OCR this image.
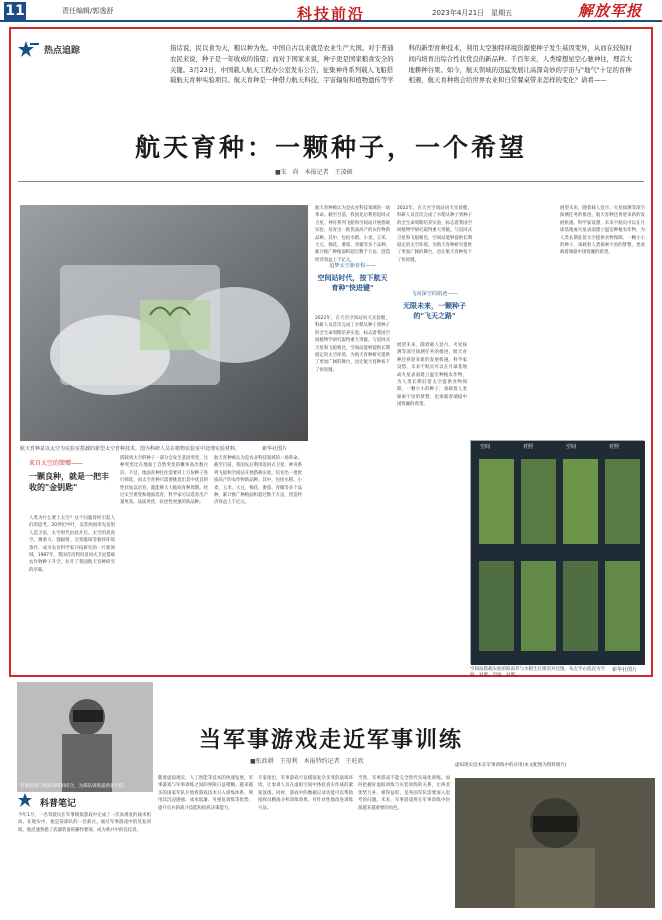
11	责任编辑/郭逸舒	科技前沿	2023年4月21日　星期五	解放军报
热点追踪	指话说，民以食为天，粮以种为先。中国自古以来就是农业生产大国。对于普通农民来说，种子是一年收成的指望；而对于国家来说，种子更是国家粮食安全的关键。3月23日，中国载人航天工程办公室发布公告，征集神舟系列载人飞船搭载航天育种实验项目。航天育种是一种借力航天科技，宇宙辐射和植物遗传等学科的新型育种技术，利用太空独特环境资源使种子发生基因变异，从而在较短时间内培育出综合性状优良的新品种。千百年来，人类缔想星空心驰神往，埋首大地耕种谷果。如今，航天领域的迅猛发展让高深奇妙的宇宙与"地气"十足的育种相遇，航天育种将会给世界农业和日常餐桌带来怎样的变化？请看——
航天育种：一颗种子，一个希望
■宋　尚　本报记者　王凌硕
航天育种是以太空为实验室搭载的新型太空育种技术。图为科研人员在植物实验室中处理实验材料。	新华社图片
来自太空的馈赠——
一颗良种，就是一把丰收的"金钥匙"
人类为什么要上太空？这个问题曾经引起人们的思考。20世纪中叶，美苏两国率先发射人造卫星，太空时代由此开启。太空的高真空、微重力、强辐射、交变磁场等独特环境条件，成为农业科学家开拓研究的一片新领域。1987年，我国首次利用返回式卫星搭载农作物种子升空，拉开了我国航天育种研究的序幕。
搭载到太空的种子一部分会发生基因突变，这种突变比在地面上自然突变的概率高出数百倍。不过，地面育种往往需要对上万份种子进行筛选，而太空育种只需要挑选出其中优良的性状加以培育，就能够大大缩短育种周期。经过太空诱变和地面选育，科学家可以选育出产量更高、品质更优、抗逆性更强的新品种。
航天育种被认为是农业科技领域的一场革命。截至目前，我国先后利用返回式卫星、神舟系列飞船和空间站开展搭载实验，培育出一批优质高产的农作物新品种。其中，包括水稻、小麦、玉米、大豆、棉花、番茄、青椒等多个品种，累计推广种植面积超过数千万亩，创造经济效益上千亿元。
航天育种被认为是农业科技领域的一场革命。截至目前，我国先后利用返回式卫星、神舟系列飞船和空间站开展搭载实验，培育出一批优质高产的农作物新品种。其中，包括水稻、小麦、玉米、大豆、棉花、番茄、青椒等多个品种，累计推广种植面积超过数千万亩，创造经济效益上千亿元。
追梦太空新征程——
空间站时代，按下航天育种"快进键"
2022年，在天宫空间站问天实验舱，科研人员首次完成了水稻从种子到种子的全生命周期培养实验，标志着我国空间植物学研究取得重大突破。与返回式卫星和飞船相比，空间站能够提供长期稳定的太空环境，为航天育种研究提供了更加广阔的舞台，也让航天育种按下了快进键。
2022年，在天宫空间站问天实验舱，科研人员首次完成了水稻从种子到种子的全生命周期培养实验，标志着我国空间植物学研究取得重大突破。与返回式卫星和飞船相比，空间站能够提供长期稳定的太空环境，为航天育种研究提供了更加广阔的舞台，也让航天育种按下了快进键。
飞向深空的航迹——
无限未来，一颗种子的"飞天之路"
展望未来，随着载人登月、火星探测等深空探测任务的推进，航天育种还将迎来新的发展机遇。科学家设想，未来宇航员可以在月球基地或火星表面建立温室种植农作物，为人类长期驻留太空提供食物保障。一颗小小的种子，承载着人类探索宇宙的梦想，也承载着端稳中国饭碗的希望。
展望未来，随着载人登月、火星探测等深空探测任务的推进，航天育种还将迎来新的发展机遇。科学家设想，未来宇航员可以在月球基地或火星表面建立温室种植农作物，为人类长期驻留太空提供食物保障。一颗小小的种子，承载着人类探索宇宙的梦想，也承载着端稳中国饭碗的希望。
空间	对照	空间	对照
空间站搭载实验的拟南芥与水稻生长情况对比图。从左至右依次为空间、对照、空间、对照。
新华社图片
军事游戏与模拟训练相结合，为部队训练提供新手段。
当军事游戏走近军事训练
■张政耕　王母利　本报特约记者　王旺欣
科普笔记
今年1月，一名驾驶员在军事模拟游戏中完成了一次高难度的战术机动。在现实中，他是某部队的一名新兵。通过军事游戏中的反复训练，他迅速熟悉了武器装备的操作要领，成为新兵中的佼佼者。
随着虚拟现实、人工智能等技术的快速发展，军事游戏与军事训练之间的界限日益模糊。越来越多的国家军队开始将游戏技术引入训练体系，利用其沉浸感强、成本低廉、可重复训练等优势，提升官兵的战斗技能和指挥决策能力。
专家指出，军事游戏可以模拟复杂多变的战场环境，让参训人员在虚拟空间中体验真实作战的紧张氛围。同时，游戏中的数据记录功能可以帮助指挥员精准分析训练效果，有针对性地改进训练方法。
当然，军事游戏不能完全替代实战化训练。如何把握好虚拟训练与实装训练的关系，让两者优势互补、相得益彰，是各国军队需要深入思考的问题。未来，军事游戏将在军事训练中扮演越来越重要的角色。
虚拟现实技术在军事训练中的应用(本文配图为资料图片)
